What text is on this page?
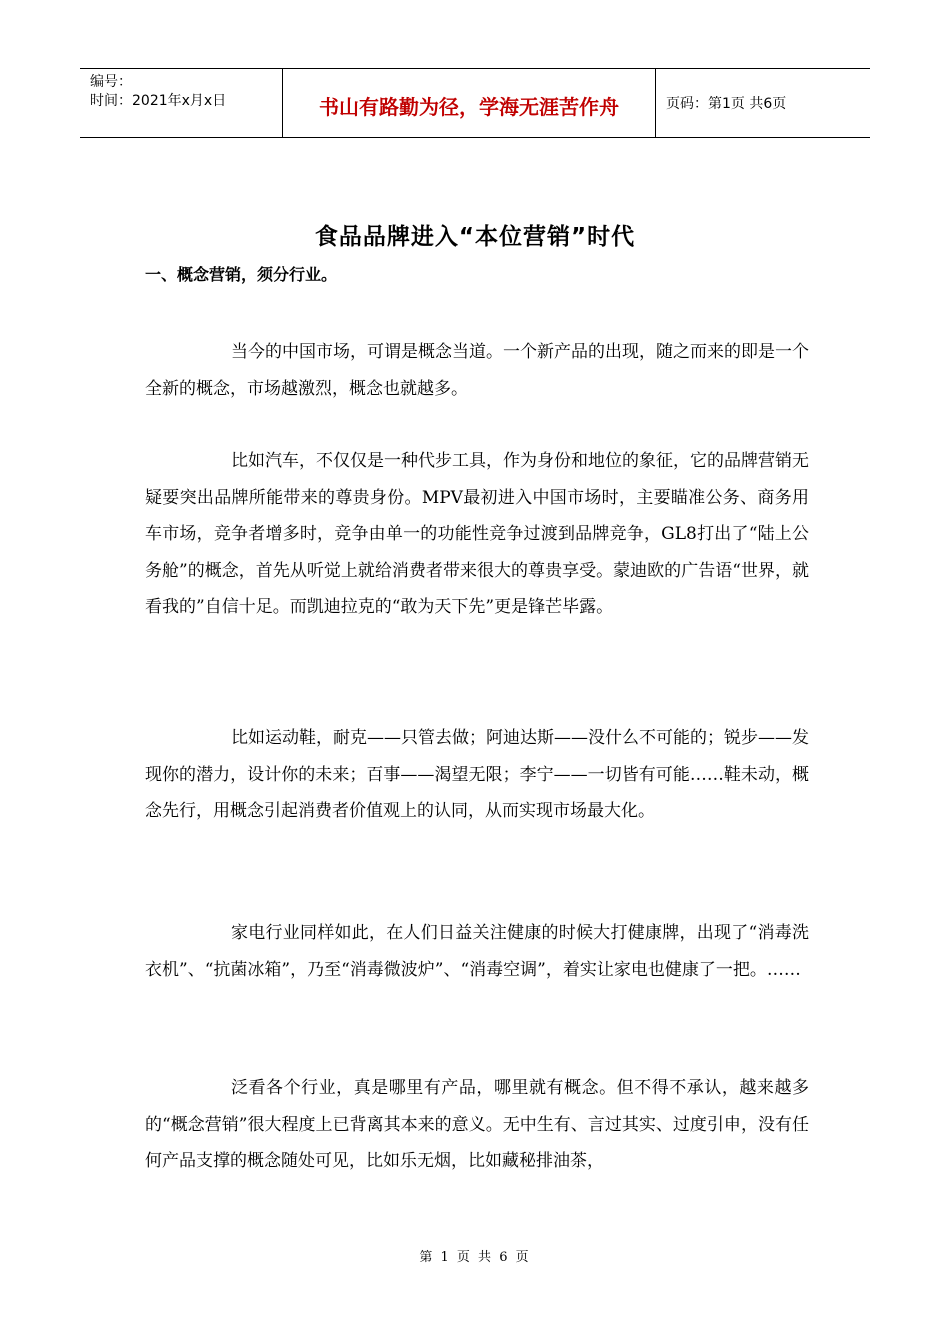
编号：
时间：2021年x月x日	书山有路勤为径，学海无涯苦作舟	页码：第1页 共6页
食品品牌进入“本位营销”时代
一、概念营销，须分行业。

当今的中国市场，可谓是概念当道。一个新产品的出现，随之而来的即是一个全新的概念，市场越激烈，概念也就越多。

比如汽车，不仅仅是一种代步工具，作为身份和地位的象征，它的品牌营销无疑要突出品牌所能带来的尊贵身份。MPV最初进入中国市场时，主要瞄准公务、商务用车市场，竞争者增多时，竞争由单一的功能性竞争过渡到品牌竞争，GL8打出了“陆上公务舱”的概念，首先从听觉上就给消费者带来很大的尊贵享受。蒙迪欧的广告语“世界，就看我的”自信十足。而凯迪拉克的“敢为天下先”更是锋芒毕露。

比如运动鞋，耐克——只管去做；阿迪达斯——没什么不可能的；锐步——发现你的潜力，设计你的未来；百事——渴望无限；李宁——一切皆有可能……鞋未动，概念先行，用概念引起消费者价值观上的认同，从而实现市场最大化。

家电行业同样如此，在人们日益关注健康的时候大打健康牌，出现了“消毒洗衣机”、“抗菌冰箱”，乃至“消毒微波炉”、“消毒空调”，着实让家电也健康了一把。……

泛看各个行业，真是哪里有产品，哪里就有概念。但不得不承认，越来越多的“概念营销”很大程度上已背离其本来的意义。无中生有、言过其实、过度引申，没有任何产品支撑的概念随处可见，比如乐无烟，比如藏秘排油茶，

第 1 页 共 6 页
